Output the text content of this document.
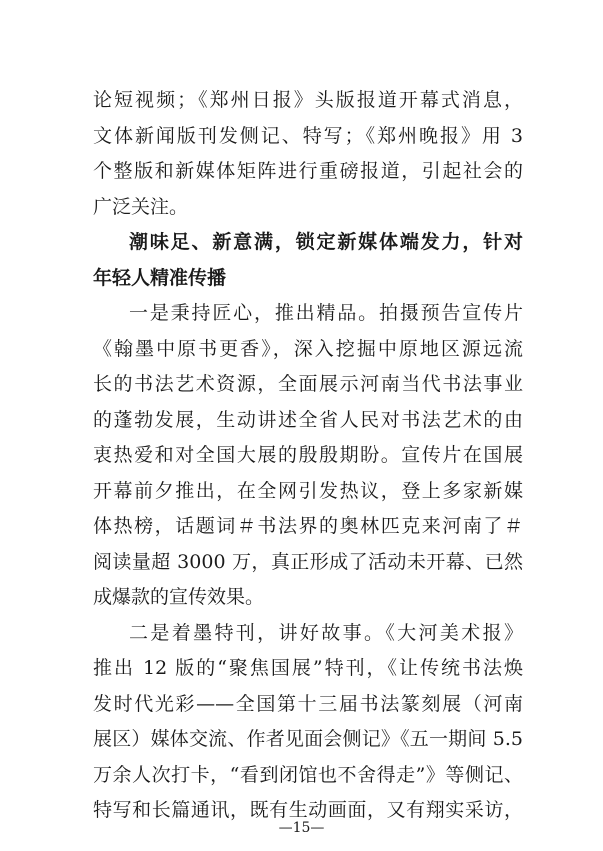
论短视频；《郑州日报》头版报道开幕式消息，
文体新闻版刊发侧记、特写；《郑州晚报》用 3
个整版和新媒体矩阵进行重磅报道，引起社会的
广泛关注。
潮味足、新意满，锁定新媒体端发力，针对
年轻人精准传播
一是秉持匠心，推出精品。拍摄预告宣传片
《翰墨中原书更香》，深入挖掘中原地区源远流
长的书法艺术资源，全面展示河南当代书法事业
的蓬勃发展，生动讲述全省人民对书法艺术的由
衷热爱和对全国大展的殷殷期盼。宣传片在国展
开幕前夕推出，在全网引发热议，登上多家新媒
体热榜，话题词＃书法界的奥林匹克来河南了＃
阅读量超 3000 万，真正形成了活动未开幕、已然
成爆款的宣传效果。
二是着墨特刊，讲好故事。《大河美术报》
推出 12 版的“聚焦国展”特刊，《让传统书法焕
发时代光彩——全国第十三届书法篆刻展（河南
展区）媒体交流、作者见面会侧记》《五一期间 5.5
万余人次打卡，“看到闭馆也不舍得走”》等侧记、
特写和长篇通讯，既有生动画面，又有翔实采访，
—15—
